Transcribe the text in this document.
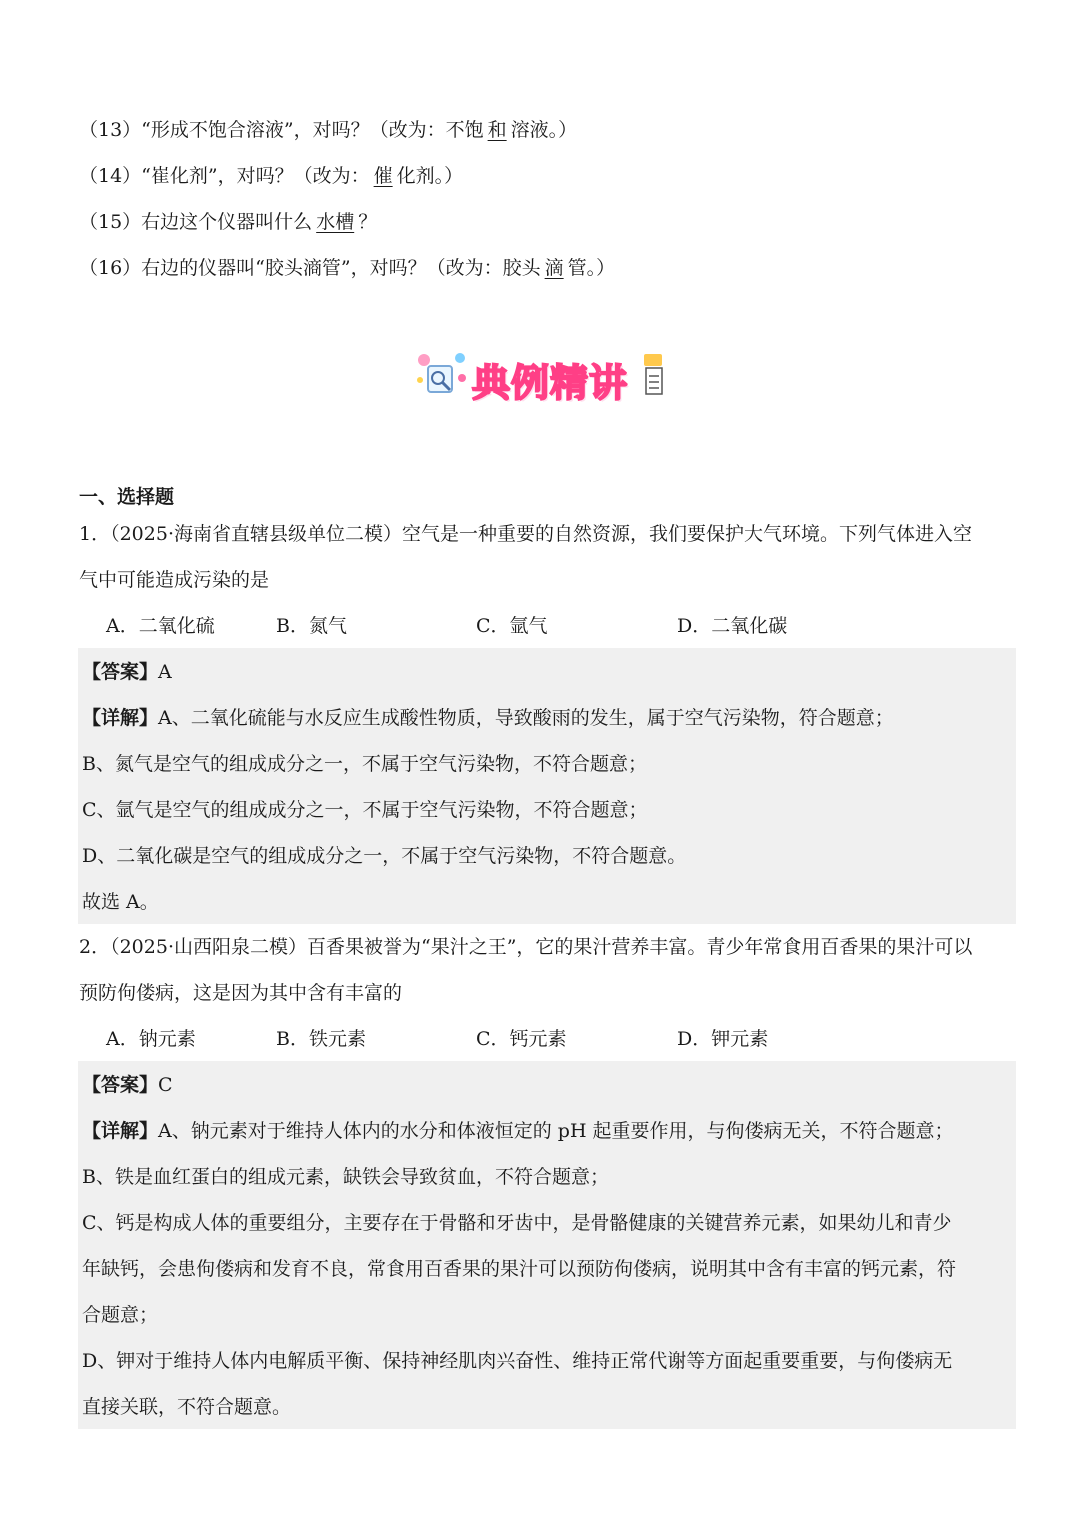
（13）“形成不饱合溶液”，对吗？（改为：不饱 和 溶液。）
（14）“崔化剂”，对吗？（改为： 催 化剂。）
（15）右边这个仪器叫什么 水槽 ？
（16）右边的仪器叫“胶头滳管”，对吗？（改为：胶头 滴 管。）
典例精讲
一、选择题
1．（2025·海南省直辖县级单位二模）空气是一种重要的自然资源，我们要保护大气环境。下列气体进入空
气中可能造成污染的是
A．二氧化硫	B．氮气	C．氩气	D．二氧化碳
【答案】A
【详解】A、二氧化硫能与水反应生成酸性物质，导致酸雨的发生，属于空气污染物，符合题意；
B、氮气是空气的组成成分之一，不属于空气污染物，不符合题意；
C、氩气是空气的组成成分之一，不属于空气污染物，不符合题意；
D、二氧化碳是空气的组成成分之一，不属于空气污染物，不符合题意。
故选 A。
2．（2025·山西阳泉二模）百香果被誉为“果汁之王”，它的果汁营养丰富。青少年常食用百香果的果汁可以
预防佝偻病，这是因为其中含有丰富的
A．钠元素	B．铁元素	C．钙元素	D．钾元素
【答案】C
【详解】A、钠元素对于维持人体内的水分和体液恒定的 pH 起重要作用，与佝偻病无关，不符合题意；
B、铁是血红蛋白的组成元素，缺铁会导致贫血，不符合题意；
C、钙是构成人体的重要组分，主要存在于骨骼和牙齿中，是骨骼健康的关键营养元素，如果幼儿和青少
年缺钙，会患佝偻病和发育不良，常食用百香果的果汁可以预防佝偻病，说明其中含有丰富的钙元素，符
合题意；
D、钾对于维持人体内电解质平衡、保持神经肌肉兴奋性、维持正常代谢等方面起重要重要，与佝偻病无
直接关联，不符合题意。
